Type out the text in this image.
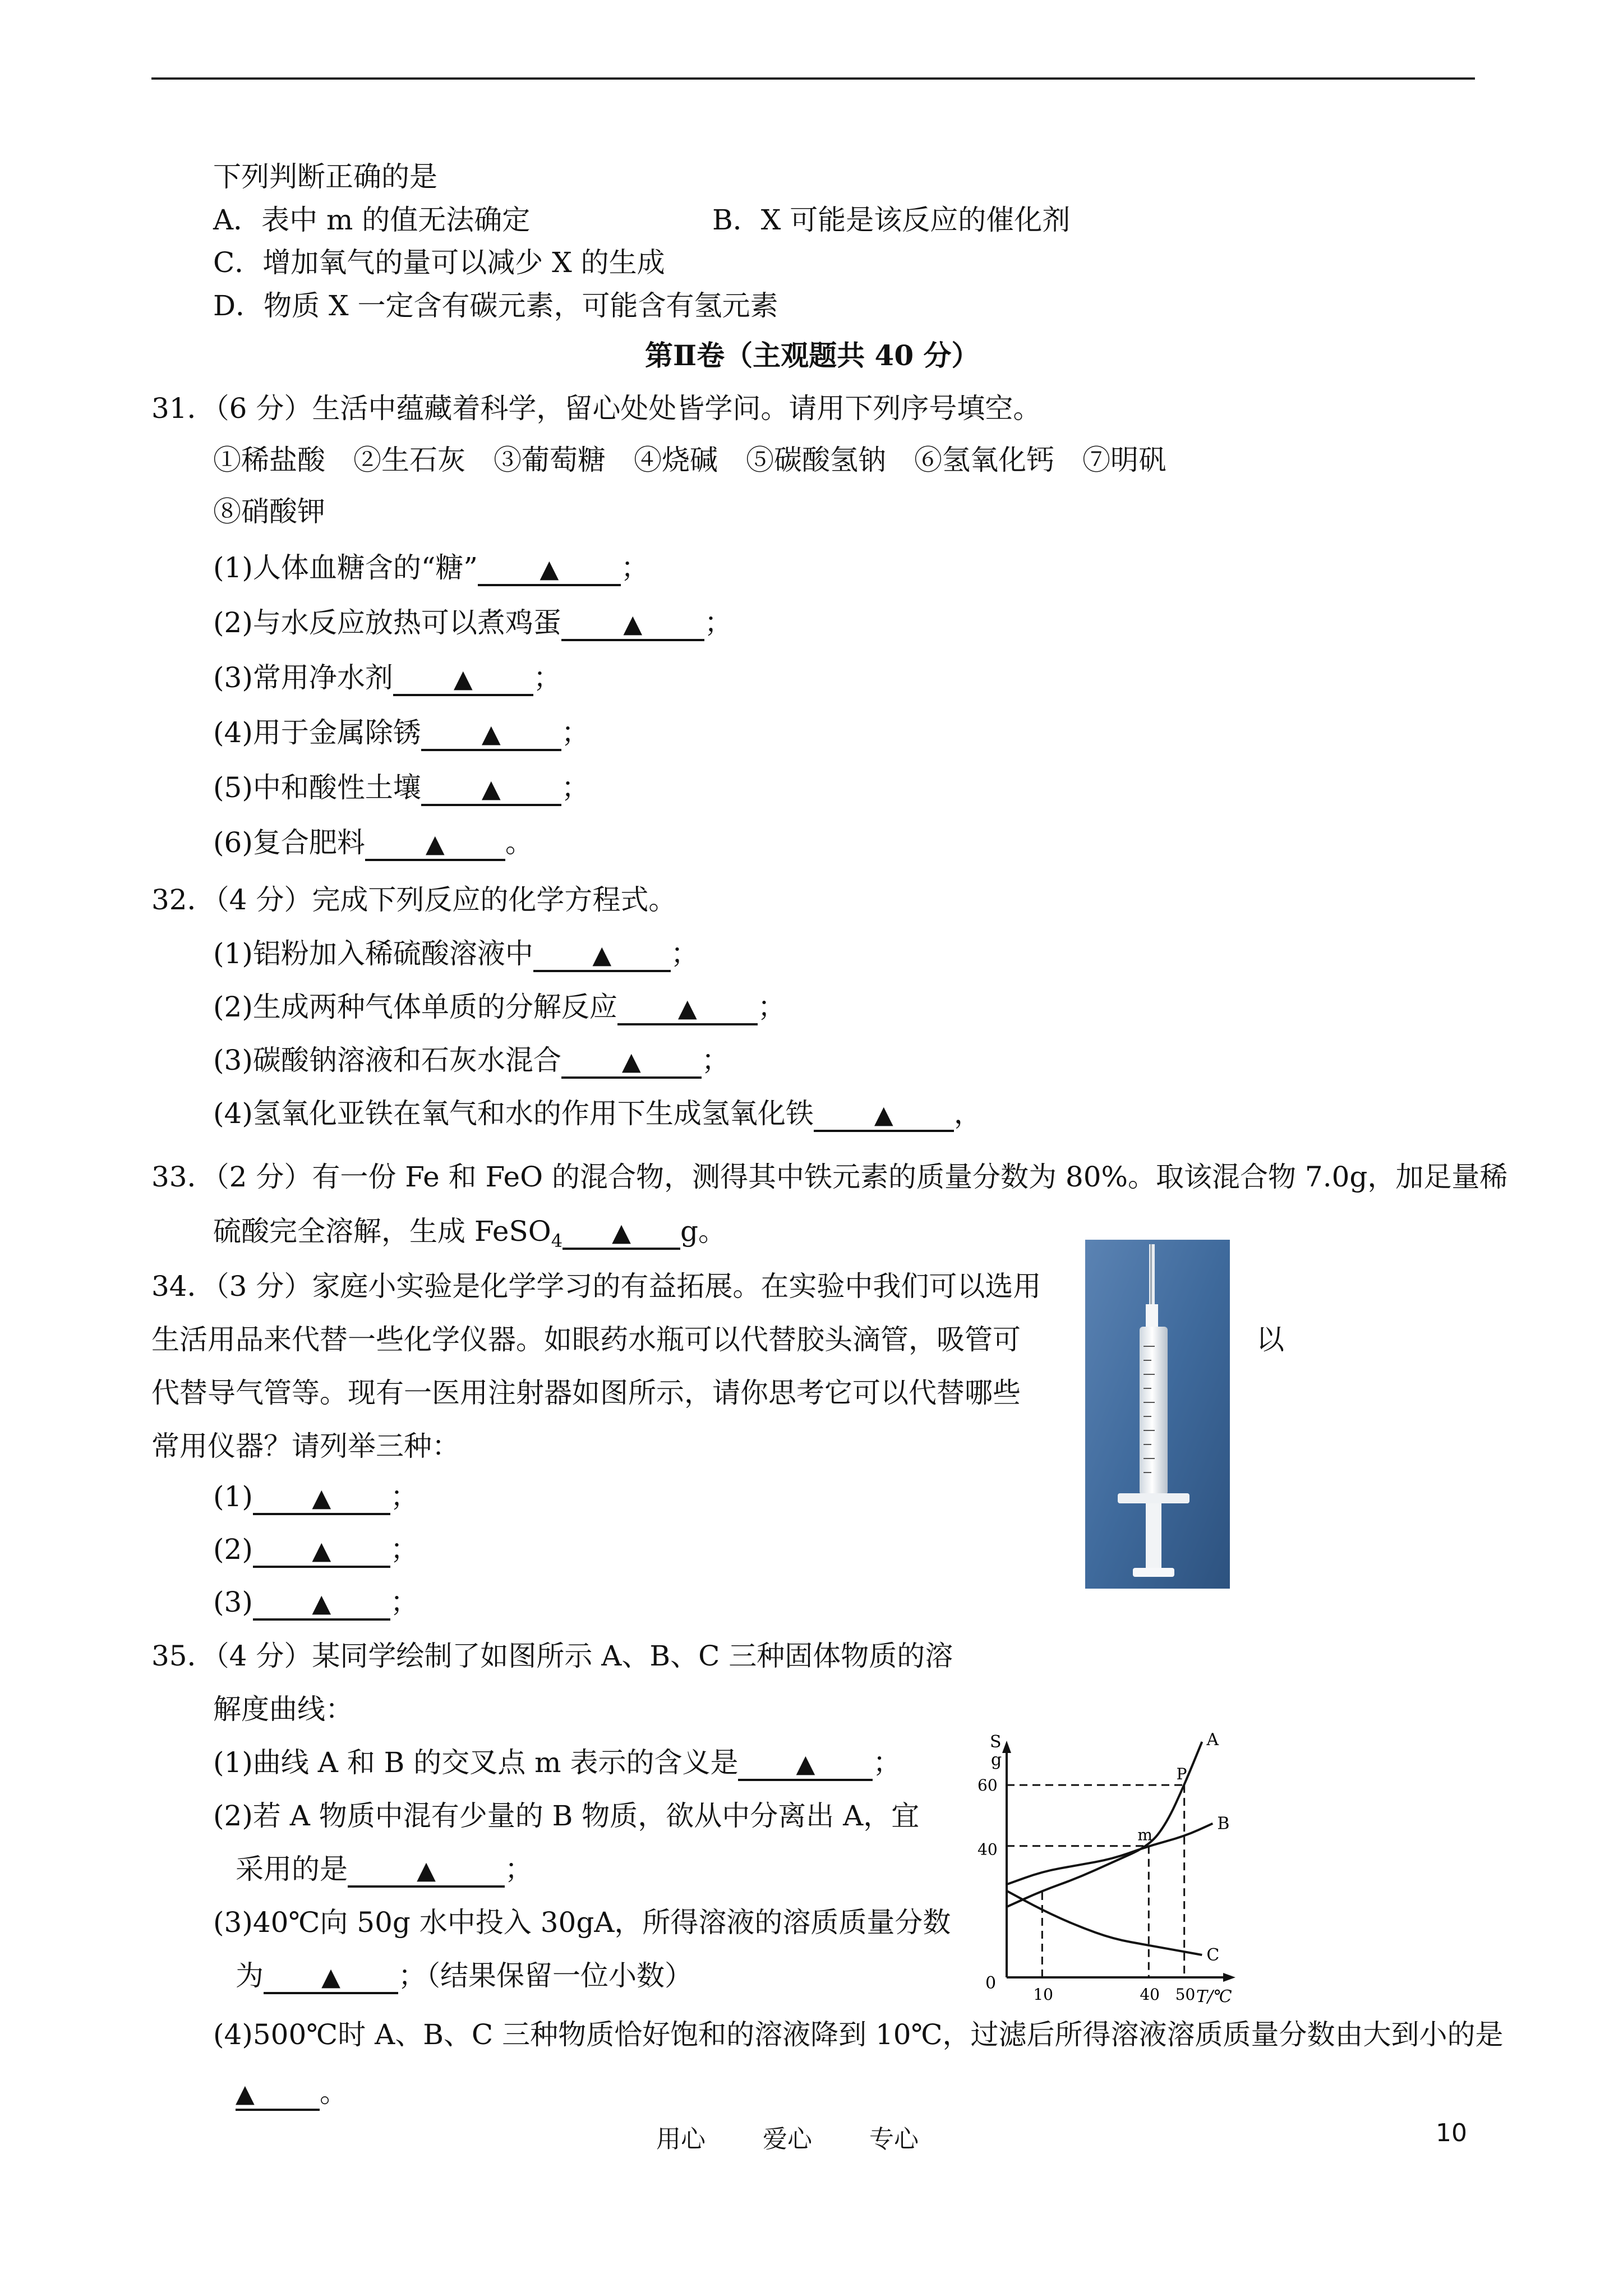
下列判断正确的是
A．表中 m 的值无法确定	B．X 可能是该反应的催化剂
C．增加氧气的量可以减少 X 的生成
D．物质 X 一定含有碳元素，可能含有氢元素
第Ⅱ卷（主观题共 40 分）
31．（6 分）生活中蕴藏着科学，留心处处皆学问。请用下列序号填空。
①稀盐酸　②生石灰　③葡萄糖　④烧碱　⑤碳酸氢钠　⑥氢氧化钙　⑦明矾
⑧硝酸钾
(1)人体血糖含的“糖”	▲ ；
(2)与水反应放热可以煮鸡蛋	▲ ；
(3)常用净水剂 ▲ ；
(4)用于金属除锈 ▲ ；
(5)中和酸性土壤 ▲ ；
(6)复合肥料 ▲ 。
32．（4 分）完成下列反应的化学方程式。
(1)铝粉加入稀硫酸溶液中 ▲ ；
(2)生成两种气体单质的分解反应 ▲ ；
(3)碳酸钠溶液和石灰水混合 ▲ ；
(4)氢氧化亚铁在氧气和水的作用下生成氢氧化铁 ▲ ，
33．（2 分）有一份 Fe 和 FeO 的混合物，测得其中铁元素的质量分数为 80%。取该混合物 7.0g，加足量稀
硫酸完全溶解，生成 FeSO$_4$ ▲ g。
34．（3 分）家庭小实验是化学学习的有益拓展。在实验中我们可以选用
生活用品来代替一些化学仪器。如眼药水瓶可以代替胶头滴管，吸管可	以
代替导气管等。现有一医用注射器如图所示，请你思考它可以代替哪些
常用仪器？请列举三种：
(1) ▲ ；
(2) ▲ ；
(3) ▲ ；
35．（4 分）某同学绘制了如图所示 A、B、C 三种固体物质的溶
解度曲线：
(1)曲线 A 和 B 的交叉点 m 表示的含义是 ▲ ；
(2)若 A 物质中混有少量的 B 物质，欲从中分离出 A，宜
采用的是	▲ ；
(3)40℃向 50g 水中投入 30gA，所得溶液的溶质质量分数
为 ▲ ；（结果保留一位小数）
(4)500℃时 A、B、C 三种物质恰好饱和的溶液降到 10℃，过滤后所得溶液溶质质量分数由大到小的是
▲ 。
S
g
T/℃
0
10	40 50
40
60
A
B
C
m
P
用心 爱心 专心	10
